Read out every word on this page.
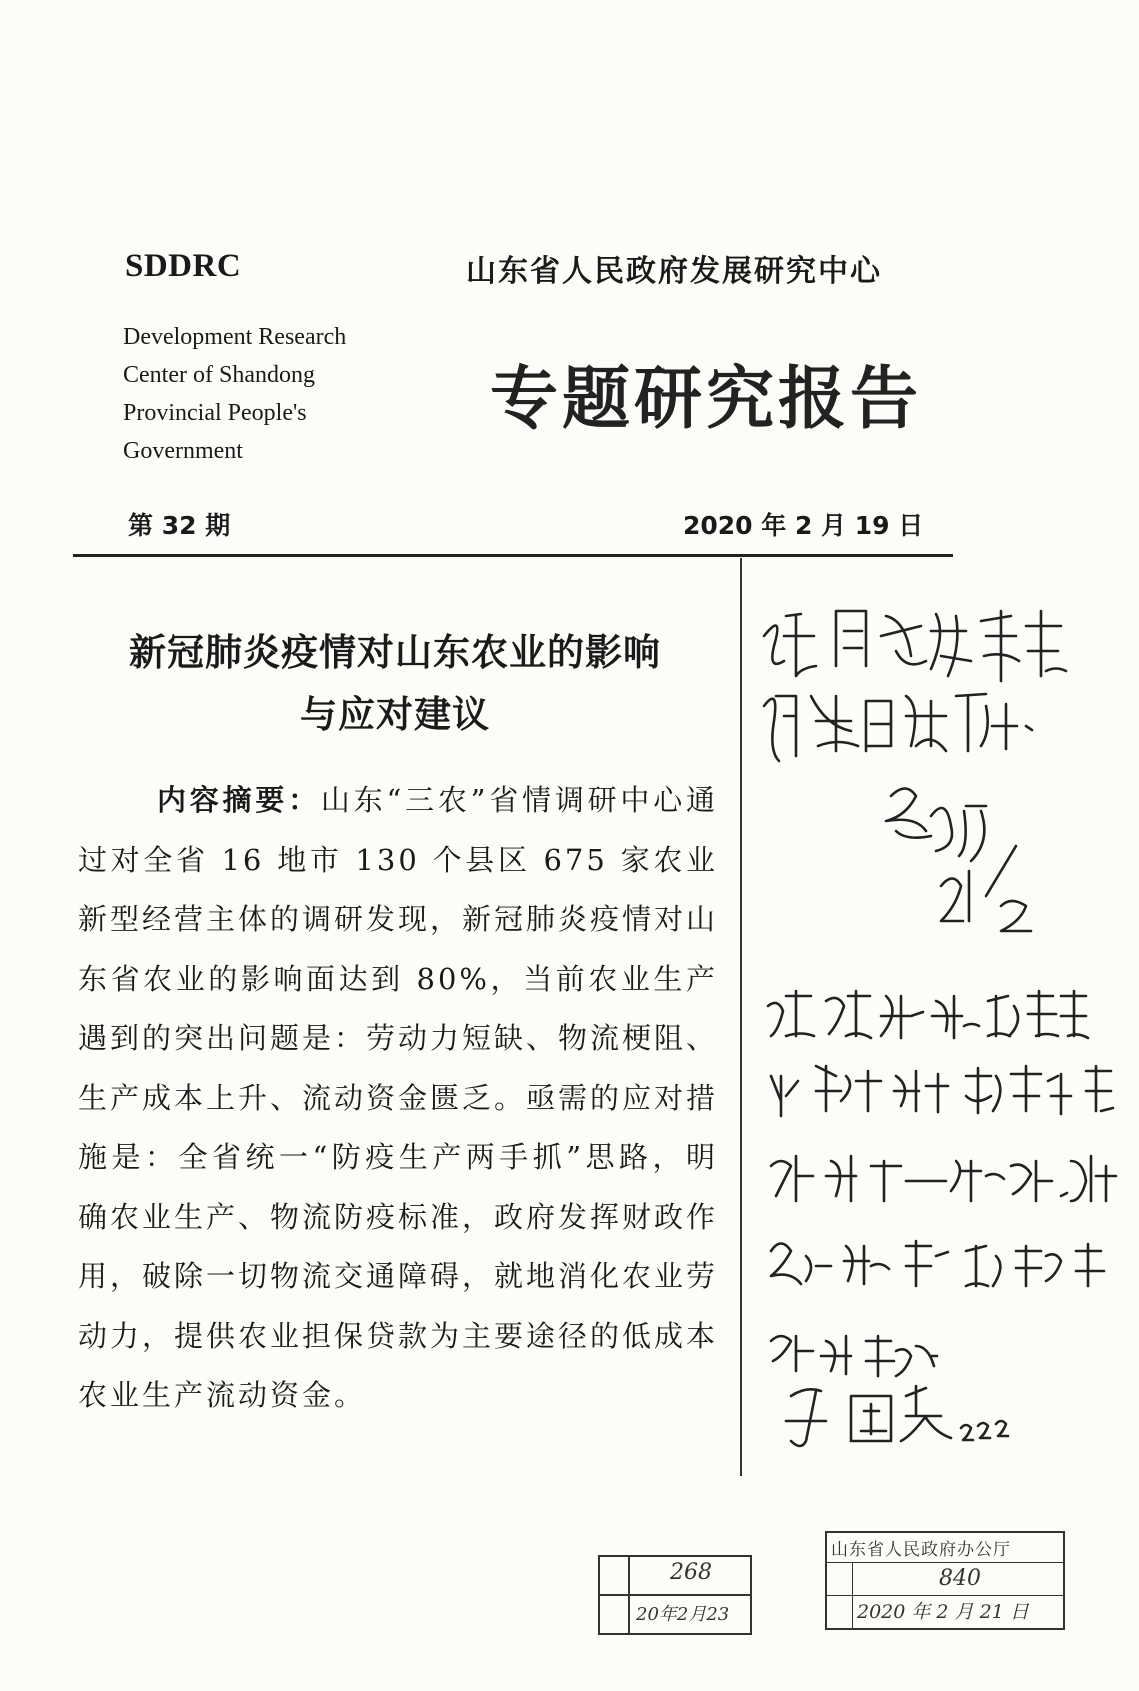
SDDRC
Development Research
Center of Shandong
Provincial People's
Government
山东省人民政府发展研究中心
专题研究报告
第 32 期	2020 年 2 月 19 日
新冠肺炎疫情对山东农业的影响
与应对建议
内容摘要：山东“三农”省情调研中心通过对全省 16 地市 130 个县区 675 家农业新型经营主体的调研发现，新冠肺炎疫情对山东省农业的影响面达到 80%，当前农业生产遇到的突出问题是：劳动力短缺、物流梗阻、生产成本上升、流动资金匮乏。亟需的应对措施是：全省统一“防疫生产两手抓”思路，明确农业生产、物流防疫标准，政府发挥财政作用，破除一切物流交通障碍，就地消化农业劳动力，提供农业担保贷款为主要途径的低成本农业生产流动资金。
268
20年2月23
山东省人民政府办公厅
840
2020 年 2 月 21 日
